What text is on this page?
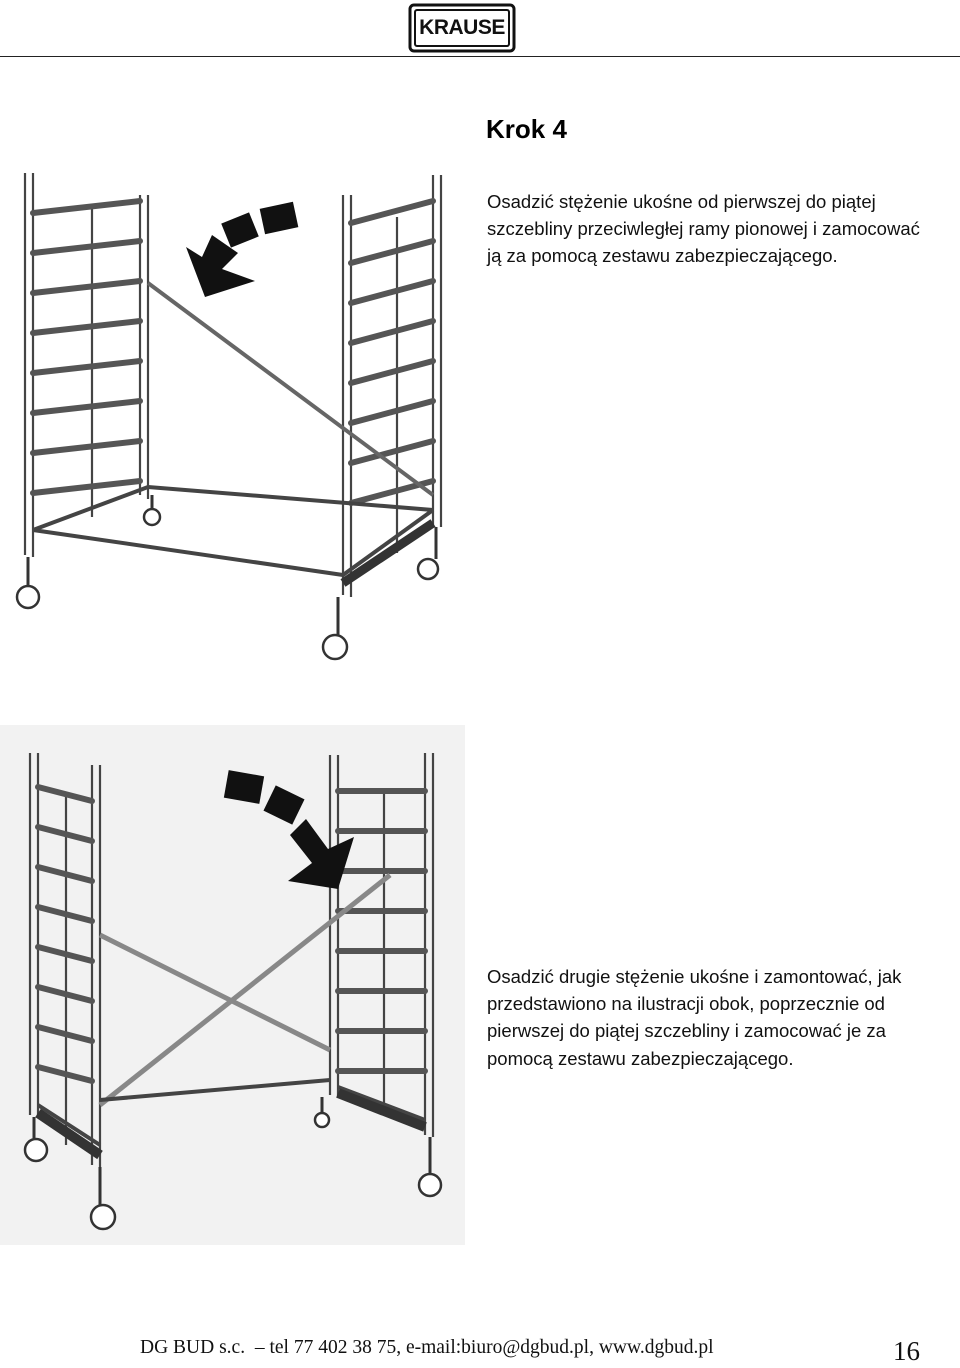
KRAUSE
Krok 4

Osadzić stężenie ukośne od pierwszej do piątej szczebliny przeciwległej ramy pionowej i zamocować ją za pomocą zestawu zabezpieczającego.

Osadzić drugie stężenie ukośne i zamontować, jak przedstawiono na ilustracji obok, poprzecznie od pierwszej do piątej szczebliny i zamocować je za pomocą zestawu zabezpieczającego.

DG BUD s.c.  – tel 77 402 38 75, e-mail:biuro@dgbud.pl, www.dgbud.pl	16
